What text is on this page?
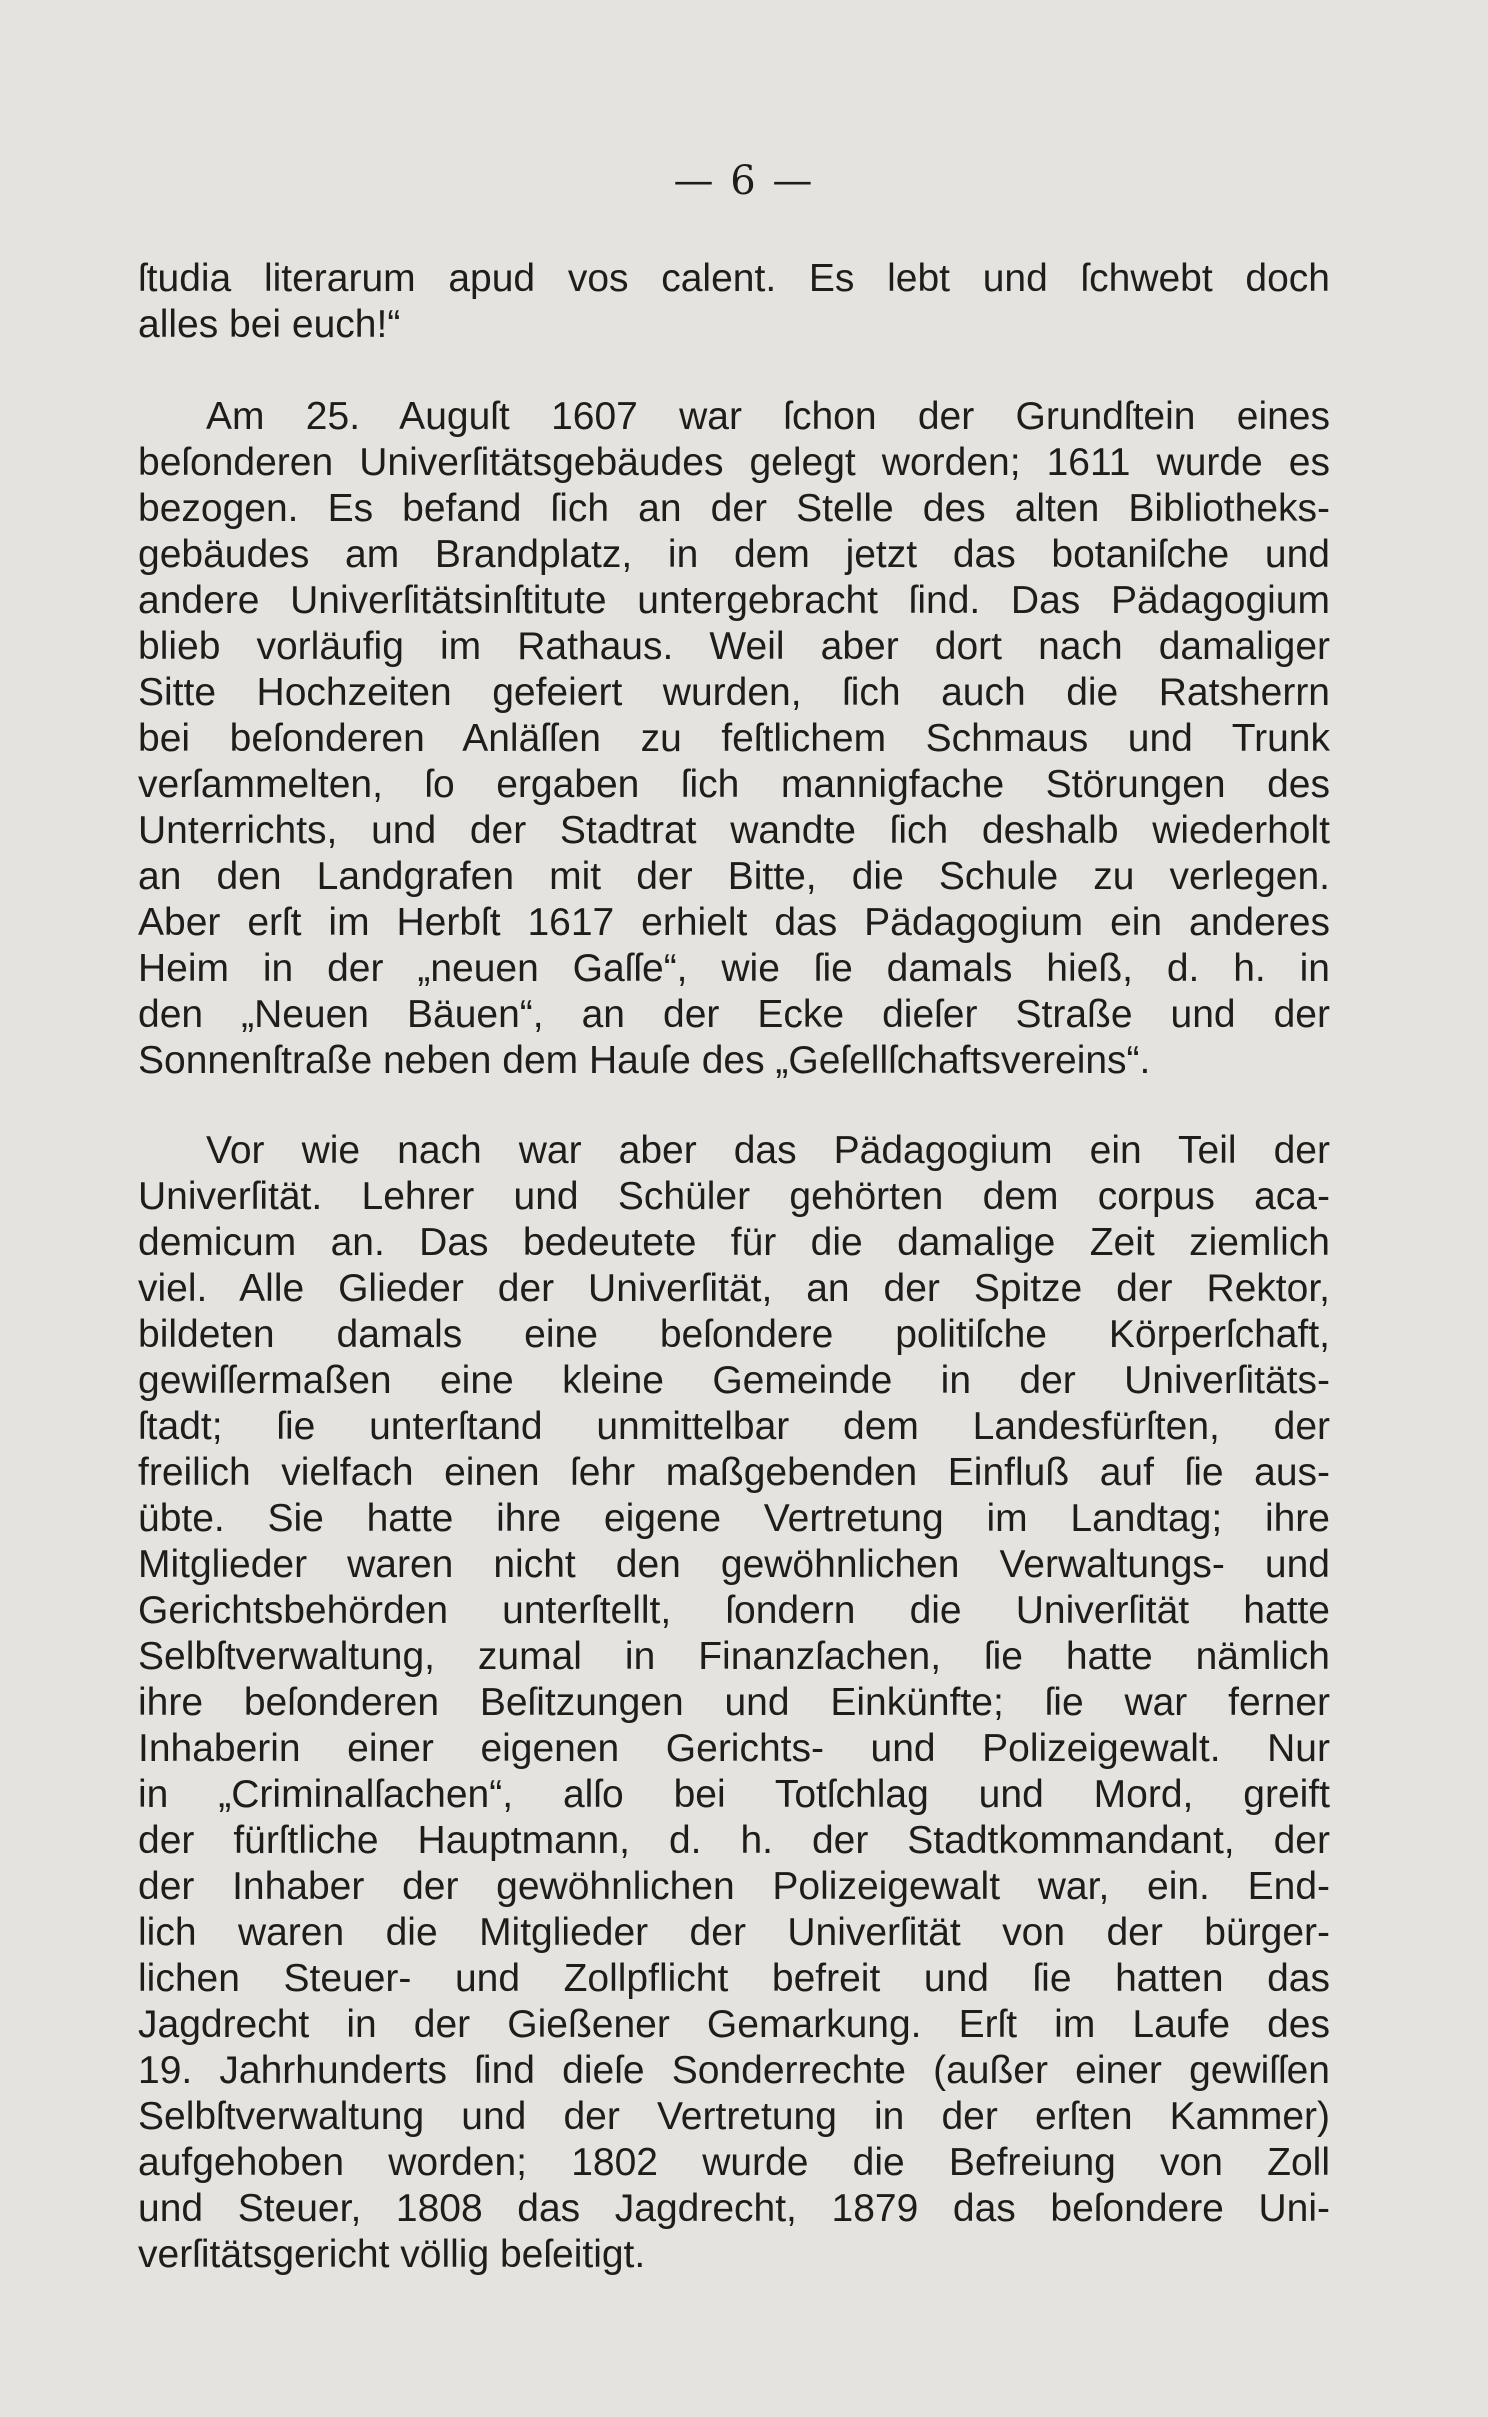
— 6 —
ſtudia literarum apud vos calent. Es lebt und ſchwebt doch
alles bei euch!“
Am 25. Auguſt 1607 war ſchon der Grundſtein eines
beſonderen Univerſitätsgebäudes gelegt worden; 1611 wurde es
bezogen. Es befand ſich an der Stelle des alten Bibliotheks-
gebäudes am Brandplatz, in dem jetzt das botaniſche und
andere Univerſitätsinſtitute untergebracht ſind. Das Pädagogium
blieb vorläufig im Rathaus. Weil aber dort nach damaliger
Sitte Hochzeiten gefeiert wurden, ſich auch die Ratsherrn
bei beſonderen Anläſſen zu feſtlichem Schmaus und Trunk
verſammelten, ſo ergaben ſich mannigfache Störungen des
Unterrichts, und der Stadtrat wandte ſich deshalb wiederholt
an den Landgrafen mit der Bitte, die Schule zu verlegen.
Aber erſt im Herbſt 1617 erhielt das Pädagogium ein anderes
Heim in der „neuen Gaſſe“, wie ſie damals hieß, d. h. in
den „Neuen Bäuen“, an der Ecke dieſer Straße und der
Sonnenſtraße neben dem Hauſe des „Geſellſchaftsvereins“.
Vor wie nach war aber das Pädagogium ein Teil der
Univerſität. Lehrer und Schüler gehörten dem corpus aca-
demicum an. Das bedeutete für die damalige Zeit ziemlich
viel. Alle Glieder der Univerſität, an der Spitze der Rektor,
bildeten damals eine beſondere politiſche Körperſchaft,
gewiſſermaßen eine kleine Gemeinde in der Univerſitäts-
ſtadt; ſie unterſtand unmittelbar dem Landesfürſten, der
freilich vielfach einen ſehr maßgebenden Einfluß auf ſie aus-
übte. Sie hatte ihre eigene Vertretung im Landtag; ihre
Mitglieder waren nicht den gewöhnlichen Verwaltungs- und
Gerichtsbehörden unterſtellt, ſondern die Univerſität hatte
Selbſtverwaltung, zumal in Finanzſachen, ſie hatte nämlich
ihre beſonderen Beſitzungen und Einkünfte; ſie war ferner
Inhaberin einer eigenen Gerichts- und Polizeigewalt. Nur
in „Criminalſachen“, alſo bei Totſchlag und Mord, greift
der fürſtliche Hauptmann, d. h. der Stadtkommandant, der
der Inhaber der gewöhnlichen Polizeigewalt war, ein. End-
lich waren die Mitglieder der Univerſität von der bürger-
lichen Steuer- und Zollpflicht befreit und ſie hatten das
Jagdrecht in der Gießener Gemarkung. Erſt im Laufe des
19. Jahrhunderts ſind dieſe Sonderrechte (außer einer gewiſſen
Selbſtverwaltung und der Vertretung in der erſten Kammer)
aufgehoben worden; 1802 wurde die Befreiung von Zoll
und Steuer, 1808 das Jagdrecht, 1879 das beſondere Uni-
verſitätsgericht völlig beſeitigt.
